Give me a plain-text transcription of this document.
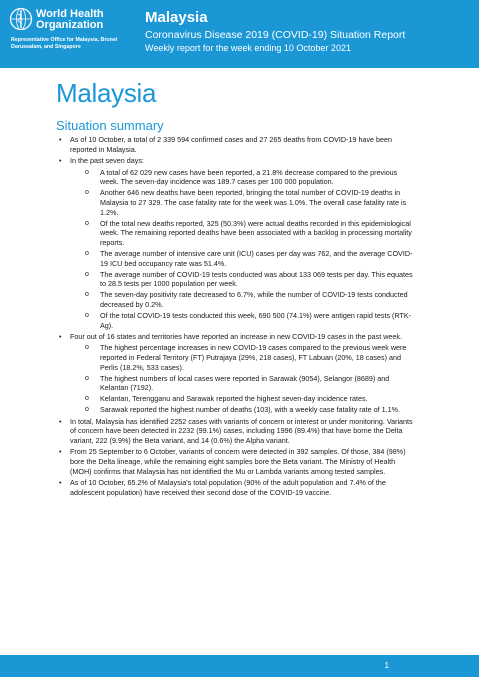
World Health Organization
Representative Office for Malaysia, Brunei Darussalam, and Singapore
Malaysia
Coronavirus Disease 2019 (COVID-19) Situation Report
Weekly report for the week ending 10 October 2021
Malaysia
Situation summary
• As of 10 October, a total of 2 339 594 confirmed cases and 27 265 deaths from COVID-19 have been reported in Malaysia.
• In the past seven days:
o A total of 62 029 new cases have been reported, a 21.8% decrease compared to the previous week. The seven-day incidence was 189.7 cases per 100 000 population.
o Another 646 new deaths have been reported, bringing the total number of COVID-19 deaths in Malaysia to 27 329. The case fatality rate for the week was 1.0%. The overall case fatality rate is 1.2%.
o Of the total new deaths reported, 325 (50.3%) were actual deaths recorded in this epidemiological week. The remaining reported deaths have been associated with a backlog in processing mortality reports.
o The average number of intensive care unit (ICU) cases per day was 762, and the average COVID-19 ICU bed occupancy rate was 51.4%.
o The average number of COVID-19 tests conducted was about 133 069 tests per day. This equates to 28.5 tests per 1000 population per week.
o The seven-day positivity rate decreased to 6.7%, while the number of COVID-19 tests conducted decreased by 0.2%.
o Of the total COVID-19 tests conducted this week, 690 500 (74.1%) were antigen rapid tests (RTK-Ag).
• Four out of 16 states and territories have reported an increase in new COVID-19 cases in the past week.
o The highest percentage increases in new COVID-19 cases compared to the previous week were reported in Federal Territory (FT) Putrajaya (29%, 218 cases), FT Labuan (20%, 18 cases) and Perlis (18.2%, 533 cases).
o The highest numbers of local cases were reported in Sarawak (9054), Selangor (8689) and Kelantan (7192).
o Kelantan, Terengganu and Sarawak reported the highest seven-day incidence rates.
o Sarawak reported the highest number of deaths (103), with a weekly case fatality rate of 1.1%.
• In total, Malaysia has identified 2252 cases with variants of concern or interest or under monitoring. Variants of concern have been detected in 2232 (99.1%) cases, including 1996 (89.4%) that have borne the Delta variant, 222 (9.9%) the Beta variant, and 14 (0.6%) the Alpha variant.
• From 25 September to 6 October, variants of concern were detected in 392 samples. Of those, 384 (98%) bore the Delta lineage, while the remaining eight samples bore the Beta variant. The Ministry of Health (MOH) confirms that Malaysia has not identified the Mu or Lambda variants among tested samples.
• As of 10 October, 65.2% of Malaysia's total population (90% of the adult population and 7.4% of the adolescent population) have received their second dose of the COVID-19 vaccine.
1
